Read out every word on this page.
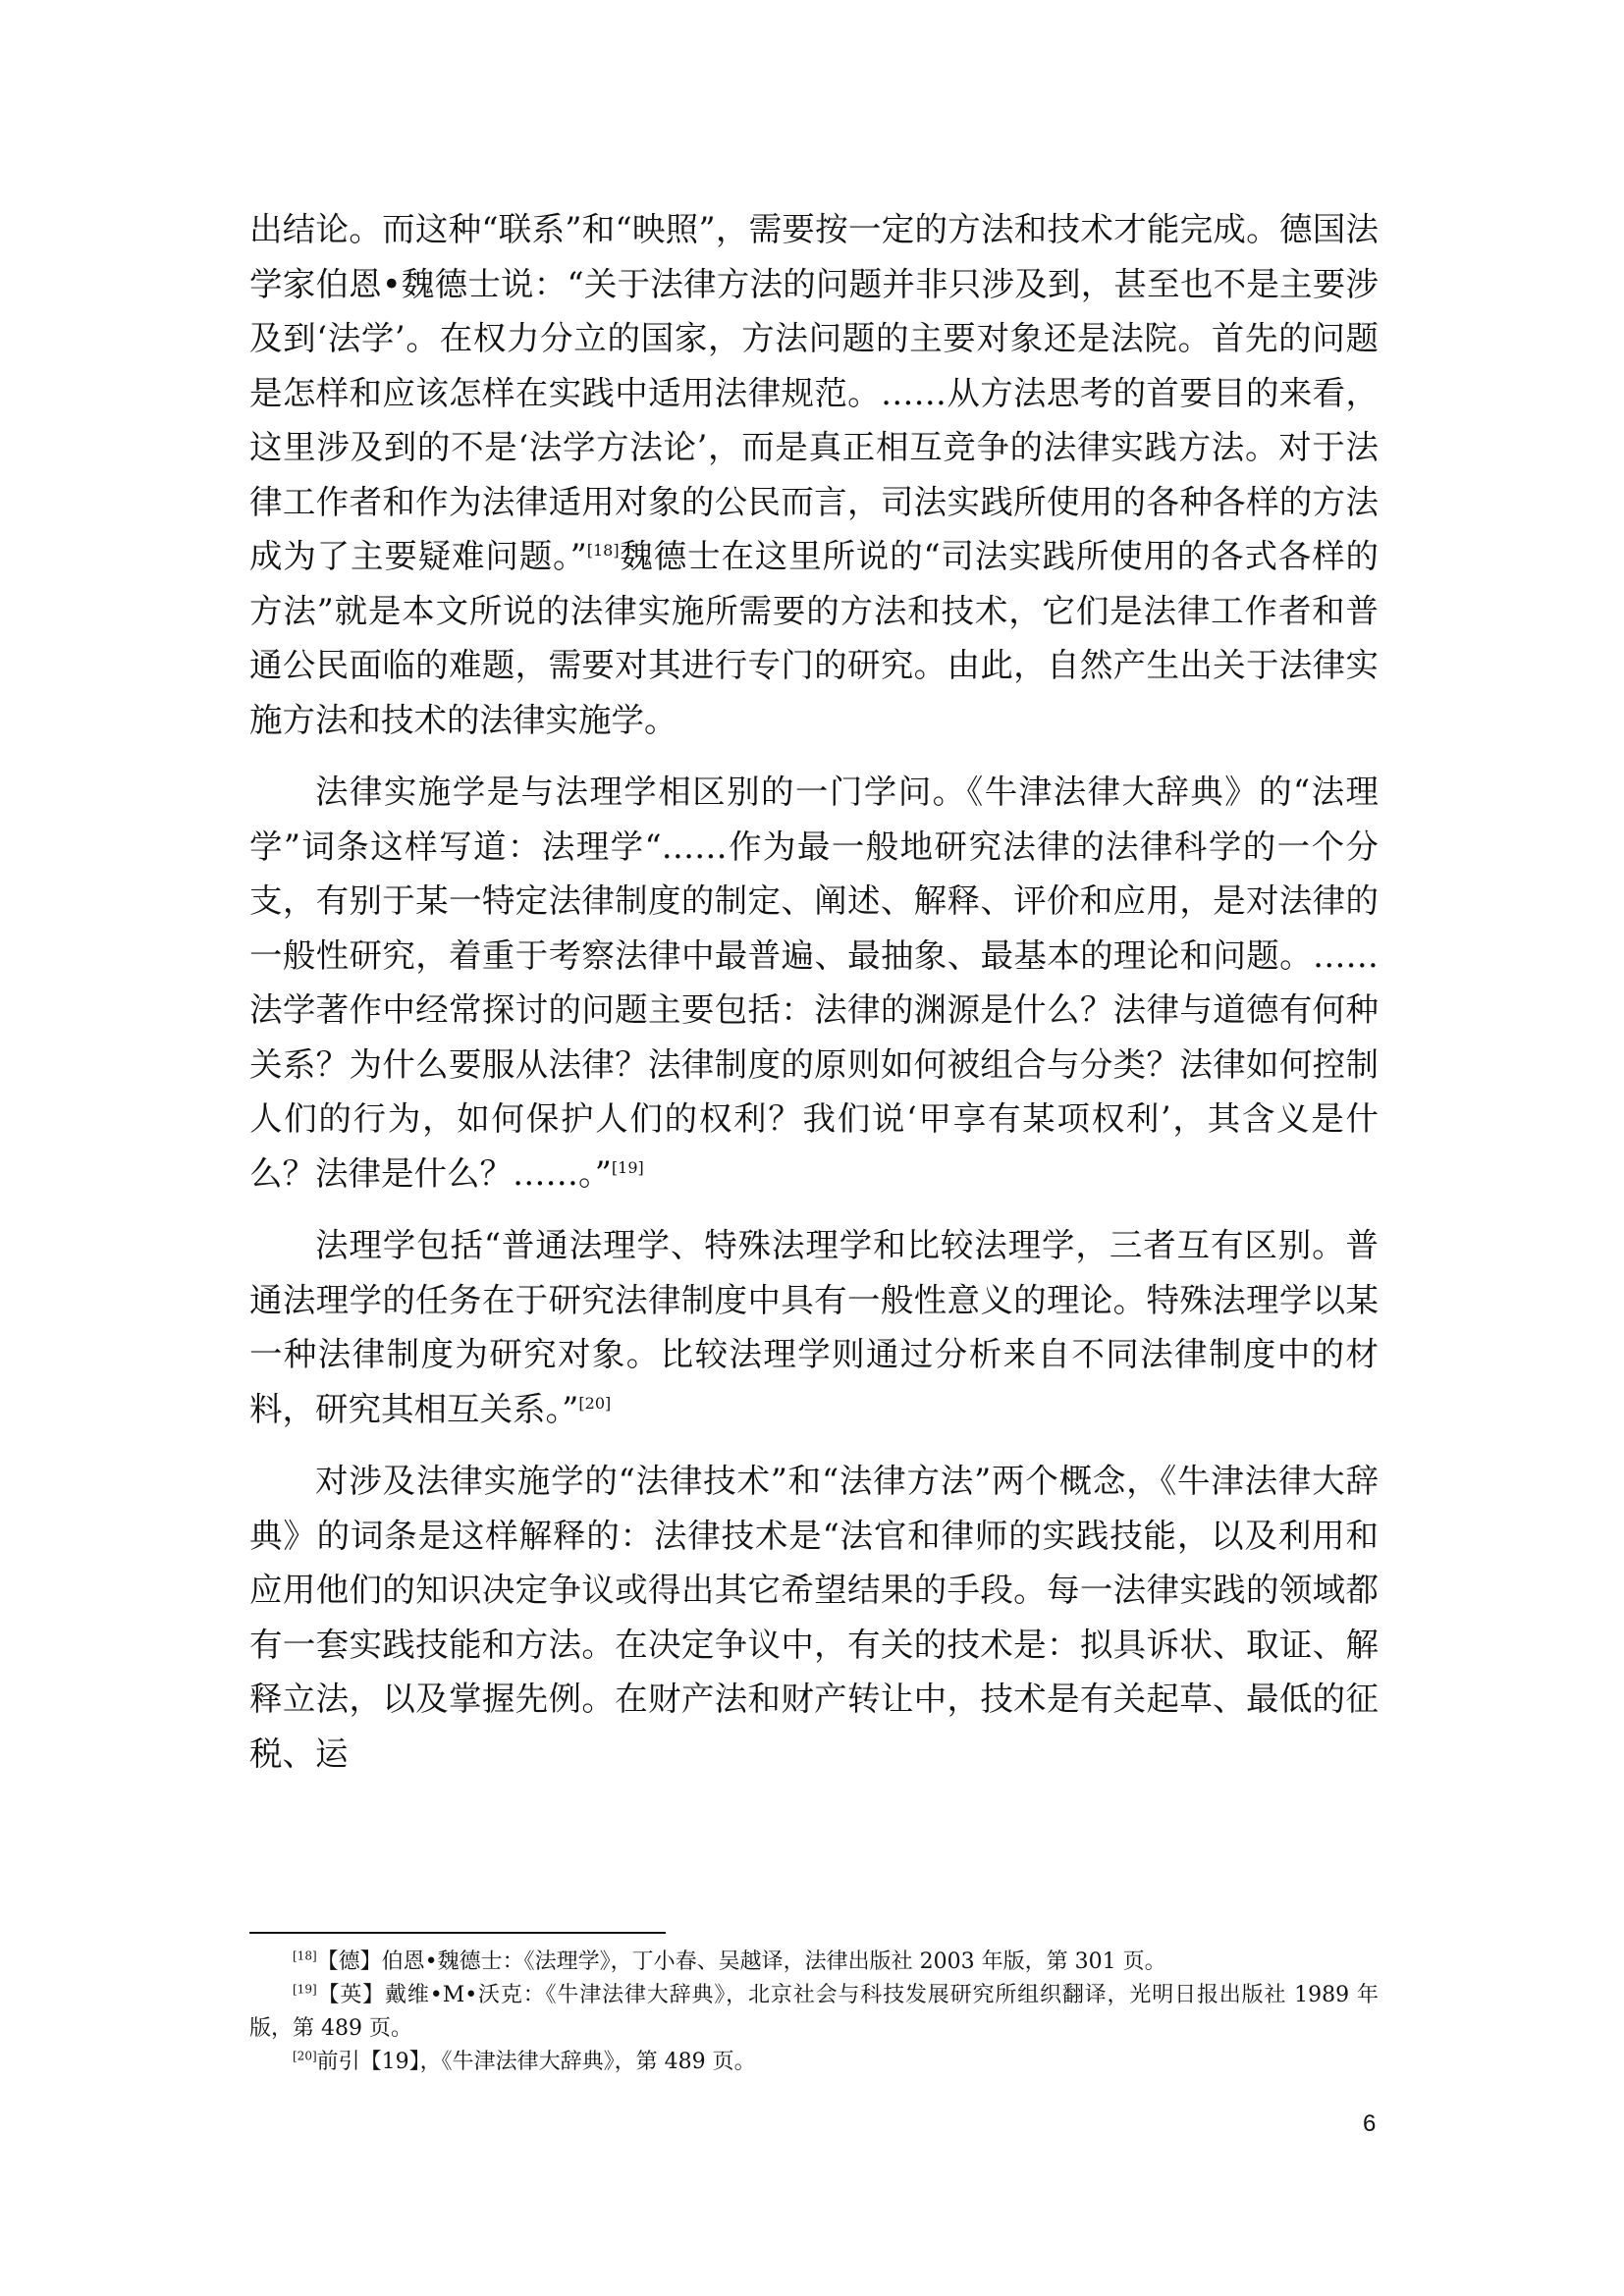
出结论。而这种“联系”和“映照”，需要按一定的方法和技术才能完成。德国法学家伯恩•魏德士说：“关于法律方法的问题并非只涉及到，甚至也不是主要涉及到‘法学’。在权力分立的国家，方法问题的主要对象还是法院。首先的问题是怎样和应该怎样在实践中适用法律规范。……从方法思考的首要目的来看，这里涉及到的不是‘法学方法论’，而是真正相互竞争的法律实践方法。对于法律工作者和作为法律适用对象的公民而言，司法实践所使用的各种各样的方法成为了主要疑难问题。”[18]魏德士在这里所说的“司法实践所使用的各式各样的方法”就是本文所说的法律实施所需要的方法和技术，它们是法律工作者和普通公民面临的难题，需要对其进行专门的研究。由此，自然产生出关于法律实施方法和技术的法律实施学。

法律实施学是与法理学相区别的一门学问。《牛津法律大辞典》的“法理学”词条这样写道：法理学“……作为最一般地研究法律的法律科学的一个分支，有别于某一特定法律制度的制定、阐述、解释、评价和应用，是对法律的一般性研究，着重于考察法律中最普遍、最抽象、最基本的理论和问题。……法学著作中经常探讨的问题主要包括：法律的渊源是什么？法律与道德有何种关系？为什么要服从法律？法律制度的原则如何被组合与分类？法律如何控制人们的行为，如何保护人们的权利？我们说‘甲享有某项权利’，其含义是什么？法律是什么？……。”[19]

法理学包括“普通法理学、特殊法理学和比较法理学，三者互有区别。普通法理学的任务在于研究法律制度中具有一般性意义的理论。特殊法理学以某一种法律制度为研究对象。比较法理学则通过分析来自不同法律制度中的材料，研究其相互关系。”[20]

对涉及法律实施学的“法律技术”和“法律方法”两个概念，《牛津法律大辞典》的词条是这样解释的：法律技术是“法官和律师的实践技能，以及利用和应用他们的知识决定争议或得出其它希望结果的手段。每一法律实践的领域都有一套实践技能和方法。在决定争议中，有关的技术是：拟具诉状、取证、解释立法，以及掌握先例。在财产法和财产转让中，技术是有关起草、最低的征税、运

[18]【德】伯恩•魏德士：《法理学》，丁小春、吴越译，法律出版社 2003 年版，第 301 页。

[19]【英】戴维•M•沃克：《牛津法律大辞典》，北京社会与科技发展研究所组织翻译，光明日报出版社 1989 年版，第 489 页。

[20]前引【19】，《牛津法律大辞典》，第 489 页。

6
